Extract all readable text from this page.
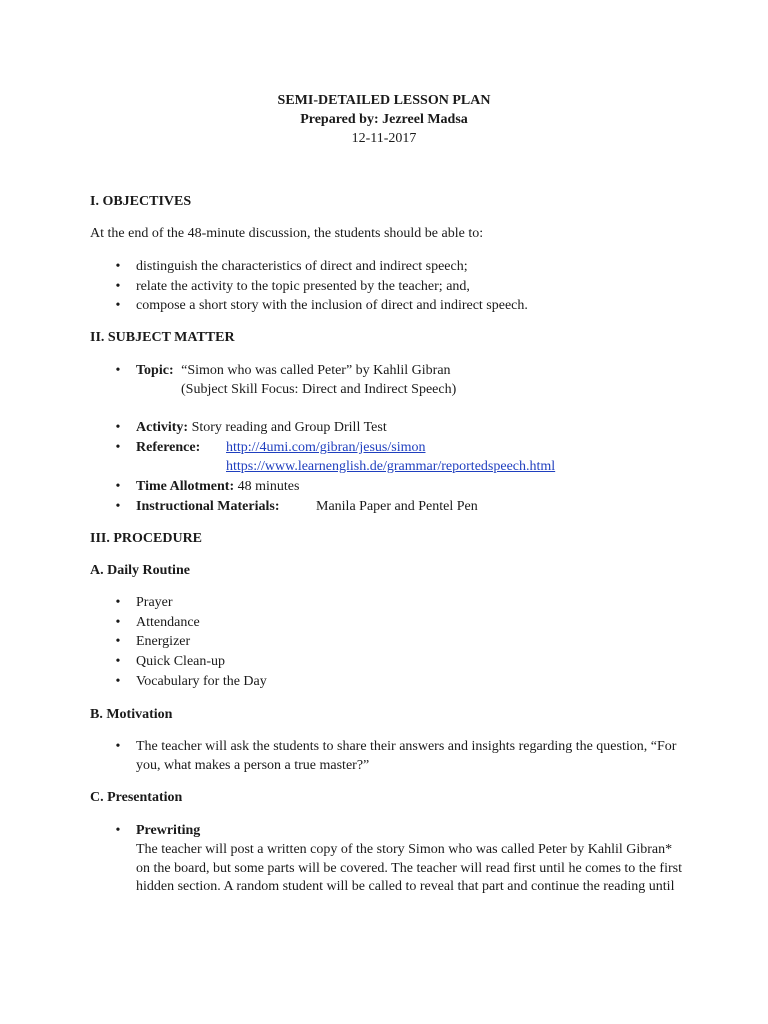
SEMI-DETAILED LESSON PLAN
Prepared by: Jezreel Madsa
12-11-2017
I. OBJECTIVES
At the end of the 48-minute discussion, the students should be able to:
• distinguish the characteristics of direct and indirect speech;
• relate the activity to the topic presented by the teacher; and,
• compose a short story with the inclusion of direct and indirect speech.
II. SUBJECT MATTER
• Topic: “Simon who was called Peter” by Kahlil Gibran
(Subject Skill Focus: Direct and Indirect Speech)
• Activity: Story reading and Group Drill Test
• Reference: http://4umi.com/gibran/jesus/simon
https://www.learnenglish.de/grammar/reportedspeech.html
• Time Allotment: 48 minutes
• Instructional Materials:	Manila Paper and Pentel Pen
III. PROCEDURE
A. Daily Routine
• Prayer
• Attendance
• Energizer
• Quick Clean-up
• Vocabulary for the Day
B. Motivation
• The teacher will ask the students to share their answers and insights regarding the question, “For
you, what makes a person a true master?”
C. Presentation
• Prewriting
The teacher will post a written copy of the story Simon who was called Peter by Kahlil Gibran*
on the board, but some parts will be covered. The teacher will read first until he comes to the first
hidden section. A random student will be called to reveal that part and continue the reading until
